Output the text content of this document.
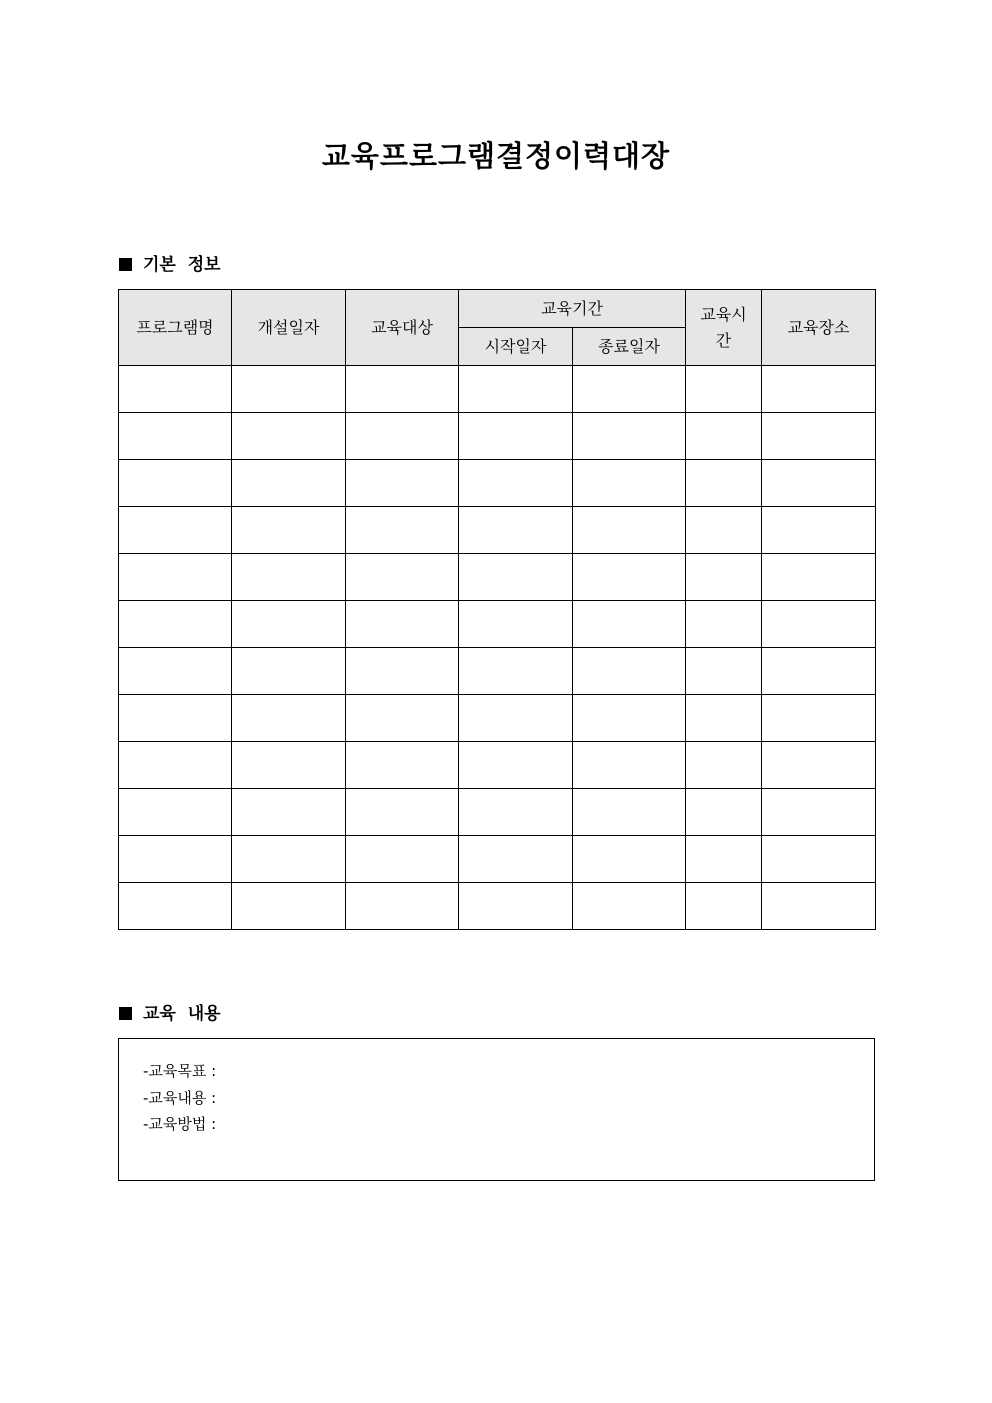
교육프로그램결정이력대장
기본 정보
프로그램명	개설일자	교육대상	교육기간		교육시간	교육장소
			시작일자	종료일자		

교육 내용
-교육목표 :
-교육내용 :
-교육방법 :
